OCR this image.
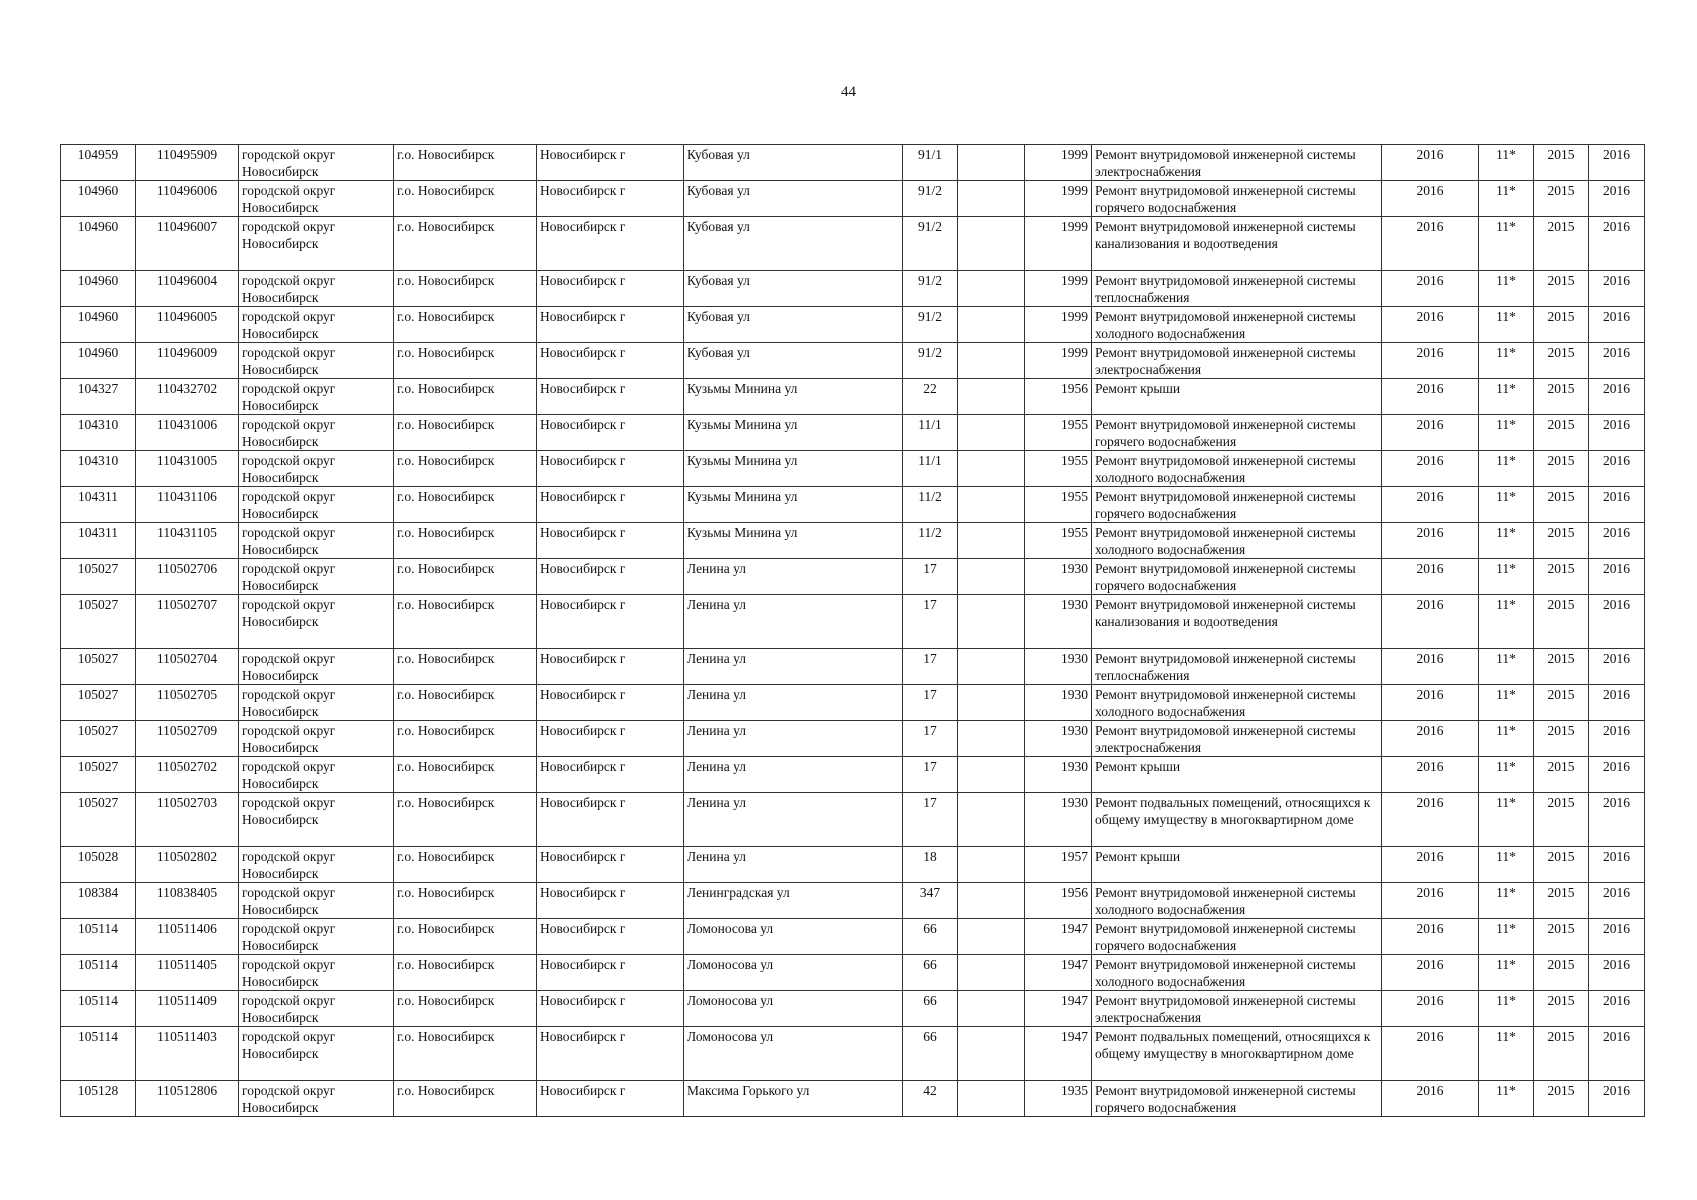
44
104959	110495909	городской округ Новосибирск	г.о. Новосибирск	Новосибирск г	Кубовая ул	91/1		1999	Ремонт внутридомовой инженерной системы электроснабжения	2016	11*	2015	2016
104960	110496006	городской округ Новосибирск	г.о. Новосибирск	Новосибирск г	Кубовая ул	91/2		1999	Ремонт внутридомовой инженерной системы горячего водоснабжения	2016	11*	2015	2016
104960	110496007	городской округ Новосибирск	г.о. Новосибирск	Новосибирск г	Кубовая ул	91/2		1999	Ремонт внутридомовой инженерной системы канализования и водоотведения	2016	11*	2015	2016
104960	110496004	городской округ Новосибирск	г.о. Новосибирск	Новосибирск г	Кубовая ул	91/2		1999	Ремонт внутридомовой инженерной системы теплоснабжения	2016	11*	2015	2016
104960	110496005	городской округ Новосибирск	г.о. Новосибирск	Новосибирск г	Кубовая ул	91/2		1999	Ремонт внутридомовой инженерной системы холодного водоснабжения	2016	11*	2015	2016
104960	110496009	городской округ Новосибирск	г.о. Новосибирск	Новосибирск г	Кубовая ул	91/2		1999	Ремонт внутридомовой инженерной системы электроснабжения	2016	11*	2015	2016
104327	110432702	городской округ Новосибирск	г.о. Новосибирск	Новосибирск г	Кузьмы Минина ул	22		1956	Ремонт крыши	2016	11*	2015	2016
104310	110431006	городской округ Новосибирск	г.о. Новосибирск	Новосибирск г	Кузьмы Минина ул	11/1		1955	Ремонт внутридомовой инженерной системы горячего водоснабжения	2016	11*	2015	2016
104310	110431005	городской округ Новосибирск	г.о. Новосибирск	Новосибирск г	Кузьмы Минина ул	11/1		1955	Ремонт внутридомовой инженерной системы холодного водоснабжения	2016	11*	2015	2016
104311	110431106	городской округ Новосибирск	г.о. Новосибирск	Новосибирск г	Кузьмы Минина ул	11/2		1955	Ремонт внутридомовой инженерной системы горячего водоснабжения	2016	11*	2015	2016
104311	110431105	городской округ Новосибирск	г.о. Новосибирск	Новосибирск г	Кузьмы Минина ул	11/2		1955	Ремонт внутридомовой инженерной системы холодного водоснабжения	2016	11*	2015	2016
105027	110502706	городской округ Новосибирск	г.о. Новосибирск	Новосибирск г	Ленина ул	17		1930	Ремонт внутридомовой инженерной системы горячего водоснабжения	2016	11*	2015	2016
105027	110502707	городской округ Новосибирск	г.о. Новосибирск	Новосибирск г	Ленина ул	17		1930	Ремонт внутридомовой инженерной системы канализования и водоотведения	2016	11*	2015	2016
105027	110502704	городской округ Новосибирск	г.о. Новосибирск	Новосибирск г	Ленина ул	17		1930	Ремонт внутридомовой инженерной системы теплоснабжения	2016	11*	2015	2016
105027	110502705	городской округ Новосибирск	г.о. Новосибирск	Новосибирск г	Ленина ул	17		1930	Ремонт внутридомовой инженерной системы холодного водоснабжения	2016	11*	2015	2016
105027	110502709	городской округ Новосибирск	г.о. Новосибирск	Новосибирск г	Ленина ул	17		1930	Ремонт внутридомовой инженерной системы электроснабжения	2016	11*	2015	2016
105027	110502702	городской округ Новосибирск	г.о. Новосибирск	Новосибирск г	Ленина ул	17		1930	Ремонт крыши	2016	11*	2015	2016
105027	110502703	городской округ Новосибирск	г.о. Новосибирск	Новосибирск г	Ленина ул	17		1930	Ремонт подвальных помещений, относящихся к общему имуществу в многоквартирном доме	2016	11*	2015	2016
105028	110502802	городской округ Новосибирск	г.о. Новосибирск	Новосибирск г	Ленина ул	18		1957	Ремонт крыши	2016	11*	2015	2016
108384	110838405	городской округ Новосибирск	г.о. Новосибирск	Новосибирск г	Ленинградская ул	347		1956	Ремонт внутридомовой инженерной системы холодного водоснабжения	2016	11*	2015	2016
105114	110511406	городской округ Новосибирск	г.о. Новосибирск	Новосибирск г	Ломоносова ул	66		1947	Ремонт внутридомовой инженерной системы горячего водоснабжения	2016	11*	2015	2016
105114	110511405	городской округ Новосибирск	г.о. Новосибирск	Новосибирск г	Ломоносова ул	66		1947	Ремонт внутридомовой инженерной системы холодного водоснабжения	2016	11*	2015	2016
105114	110511409	городской округ Новосибирск	г.о. Новосибирск	Новосибирск г	Ломоносова ул	66		1947	Ремонт внутридомовой инженерной системы электроснабжения	2016	11*	2015	2016
105114	110511403	городской округ Новосибирск	г.о. Новосибирск	Новосибирск г	Ломоносова ул	66		1947	Ремонт подвальных помещений, относящихся к общему имуществу в многоквартирном доме	2016	11*	2015	2016
105128	110512806	городской округ Новосибирск	г.о. Новосибирск	Новосибирск г	Максима Горького ул	42		1935	Ремонт внутридомовой инженерной системы горячего водоснабжения	2016	11*	2015	2016
